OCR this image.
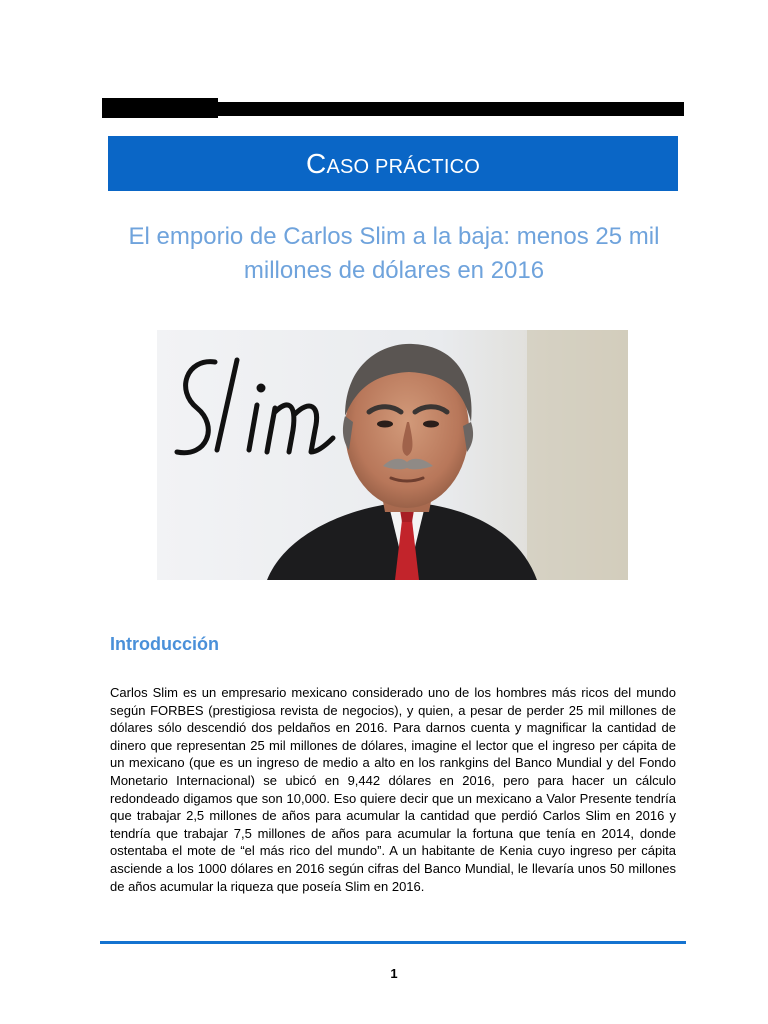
CASO PRÁCTICO
El emporio de Carlos Slim a la baja: menos 25 mil millones de dólares en 2016
Introducción

Carlos Slim es un empresario mexicano considerado uno de los hombres más ricos del mundo según FORBES (prestigiosa revista de negocios), y quien, a pesar de perder 25 mil millones de dólares sólo descendió dos peldaños en 2016. Para darnos cuenta y magnificar la cantidad de dinero que representan 25 mil millones de dólares, imagine el lector que el ingreso per cápita de un mexicano (que es un ingreso de medio a alto en los rankgins del Banco Mundial y del Fondo Monetario Internacional) se ubicó en 9,442 dólares en 2016, pero para hacer un cálculo redondeado digamos que son 10,000. Eso quiere decir que un mexicano a Valor Presente tendría que trabajar 2,5 millones de años para acumular la cantidad que perdió Carlos Slim en 2016 y tendría que trabajar 7,5 millones de años para acumular la fortuna que tenía en 2014, donde ostentaba el mote de “el más rico del mundo”. A un habitante de Kenia cuyo ingreso per cápita asciende a los 1000 dólares en 2016 según cifras del Banco Mundial, le llevaría unos 50 millones de años acumular la riqueza que poseía Slim en 2016.

1
